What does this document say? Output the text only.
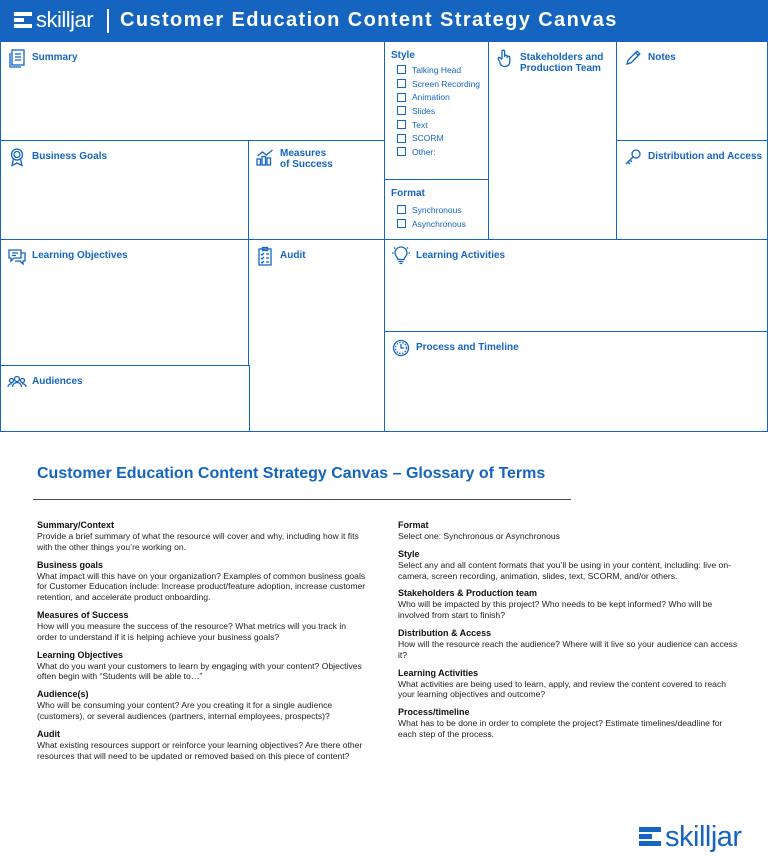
skilljar Customer Education Content Strategy Canvas
Summary	Style
Talking Head
Screen Recording
Animation
Slides
Text
SCORM
Other:
Stakeholders and
Production Team
Notes
Business Goals	Measures
of Success
Format
Synchronous
Asynchronous
Distribution and Access
Learning Objectives	Audit	Learning Activities
Process and Timeline
Audiences
Customer Education Content Strategy Canvas – Glossary of Terms
Summary/Context
Provide a brief summary of what the resource will cover and why, including how it fits with the other things you’re working on.
Business goals
What impact will this have on your organization? Examples of common business goals for Customer Education include: Increase product/feature adoption, increase customer retention, and accelerate product onboarding.
Measures of Success
How will you measure the success of the resource? What metrics will you track in order to understand if it is helping achieve your business goals?
Learning Objectives
What do you want your customers to learn by engaging with your content? Objectives often begin with “Students will be able to…”
Audience(s)
Who will be consuming your content? Are you creating it for a single audience (customers), or several audiences (partners, internal employees, prospects)?
Audit
What existing resources support or reinforce your learning objectives? Are there other resources that will need to be updated or removed based on this piece of content?
Format
Select one: Synchronous or Asynchronous
Style
Select any and all content formats that you’ll be using in your content, including: live on-camera, screen recording, animation, slides, text, SCORM, and/or others.
Stakeholders & Production team
Who will be impacted by this project? Who needs to be kept informed? Who will be involved from start to finish?
Distribution & Access
How will the resource reach the audience? Where will it live so your audience can access it?
Learning Activities
What activities are being used to learn, apply, and review the content covered to reach your learning objectives and outcome?
Process/timeline
What has to be done in order to complete the project? Estimate timelines/deadline for each step of the process.
skilljar
